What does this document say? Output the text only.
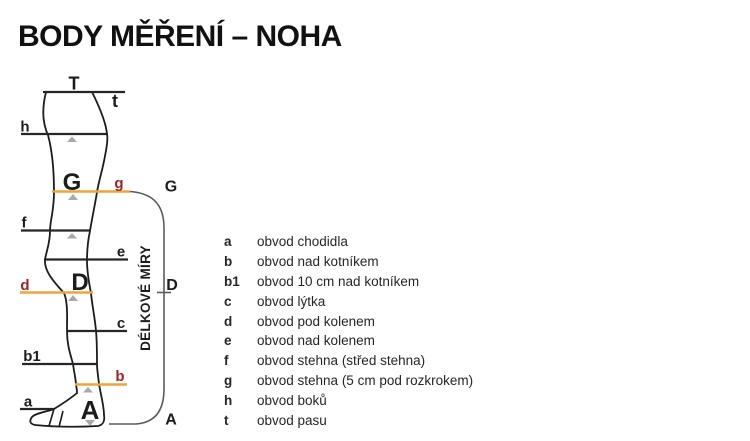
BODY MĚŘENÍ – NOHA
DÉLKOVÉ MÍRY
T
t
h
G g
f
e
d D
c
b1
b
a A
G
D
A
a	obvod chodidla
b	obvod nad kotníkem
b1	obvod 10 cm nad kotníkem
c	obvod lýtka
d	obvod pod kolenem
e	obvod nad kolenem
f	obvod stehna (střed stehna)
g	obvod stehna (5 cm pod rozkrokem)
h	obvod boků
t	obvod pasu
